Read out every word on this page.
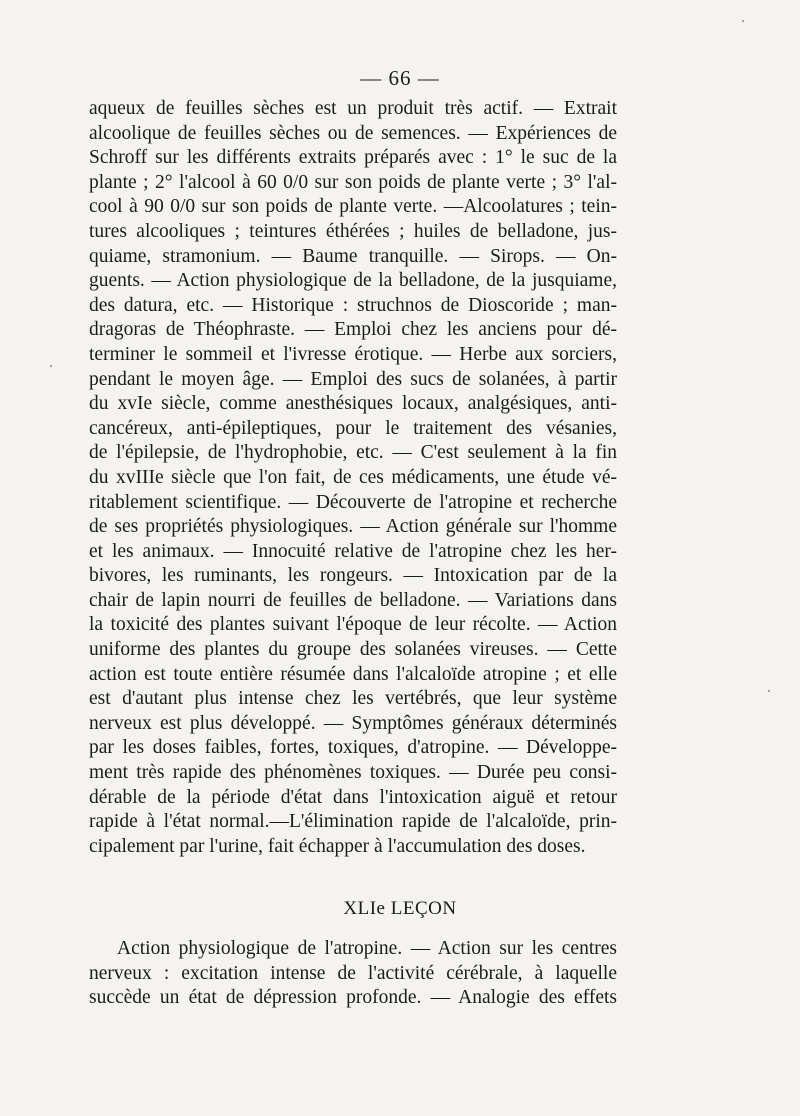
— 66 —
aqueux de feuilles sèches est un produit très actif. — Extrait
alcoolique de feuilles sèches ou de semences. — Expériences de
Schroff sur les différents extraits préparés avec : 1° le suc de la
plante ; 2° l'alcool à 60 0/0 sur son poids de plante verte ; 3° l'al-
cool à 90 0/0 sur son poids de plante verte. —Alcoolatures ; tein-
tures alcooliques ; teintures éthérées ; huiles de belladone, jus-
quiame, stramonium. — Baume tranquille. — Sirops. — On-
guents. — Action physiologique de la belladone, de la jusquiame,
des datura, etc. — Historique : struchnos de Dioscoride ; man-
dragoras de Théophraste. — Emploi chez les anciens pour dé-
terminer le sommeil et l'ivresse érotique. — Herbe aux sorciers,
pendant le moyen âge. — Emploi des sucs de solanées, à partir
du xvIe siècle, comme anesthésiques locaux, analgésiques, anti-
cancéreux, anti-épileptiques, pour le traitement des vésanies,
de l'épilepsie, de l'hydrophobie, etc. — C'est seulement à la fin
du xvIIIe siècle que l'on fait, de ces médicaments, une étude vé-
ritablement scientifique. — Découverte de l'atropine et recherche
de ses propriétés physiologiques. — Action générale sur l'homme
et les animaux. — Innocuité relative de l'atropine chez les her-
bivores, les ruminants, les rongeurs. — Intoxication par de la
chair de lapin nourri de feuilles de belladone. — Variations dans
la toxicité des plantes suivant l'époque de leur récolte. — Action
uniforme des plantes du groupe des solanées vireuses. — Cette
action est toute entière résumée dans l'alcaloïde atropine ; et elle
est d'autant plus intense chez les vertébrés, que leur système
nerveux est plus développé. — Symptômes généraux déterminés
par les doses faibles, fortes, toxiques, d'atropine. — Développe-
ment très rapide des phénomènes toxiques. — Durée peu consi-
dérable de la période d'état dans l'intoxication aiguë et retour
rapide à l'état normal.—L'élimination rapide de l'alcaloïde, prin-
cipalement par l'urine, fait échapper à l'accumulation des doses.
XLIe LEÇON
Action physiologique de l'atropine. — Action sur les centres
nerveux : excitation intense de l'activité cérébrale, à laquelle
succède un état de dépression profonde. — Analogie des effets
